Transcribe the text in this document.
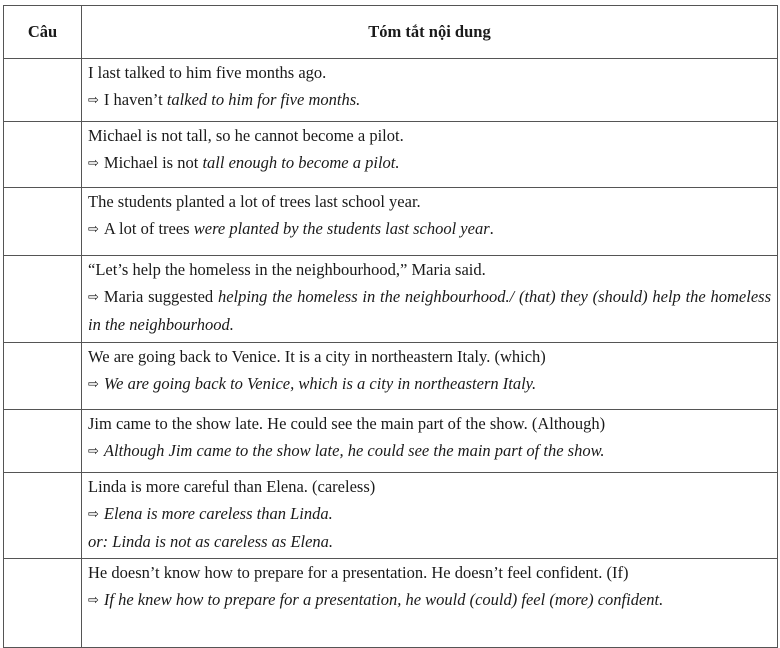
Câu	Tóm tắt nội dung

	I last talked to him five months ago.
⇨ I haven’t talked to him for five months.

	Michael is not tall, so he cannot become a pilot.
⇨ Michael is not tall enough to become a pilot.

	The students planted a lot of trees last school year.
⇨ A lot of trees were planted by the students last school year.

	“Let’s help the homeless in the neighbourhood,” Maria said.
⇨ Maria suggested helping the homeless in the neighbourhood./ (that) they (should) help the homeless in the neighbourhood.

	We are going back to Venice. It is a city in northeastern Italy. (which)
⇨ We are going back to Venice, which is a city in northeastern Italy.

	Jim came to the show late. He could see the main part of the show. (Although)
⇨ Although Jim came to the show late, he could see the main part of the show.

	Linda is more careful than Elena. (careless)
⇨ Elena is more careless than Linda.
or: Linda is not as careless as Elena.

	He doesn’t know how to prepare for a presentation. He doesn’t feel confident. (If)
⇨ If he knew how to prepare for a presentation, he would (could) feel (more) confident.
